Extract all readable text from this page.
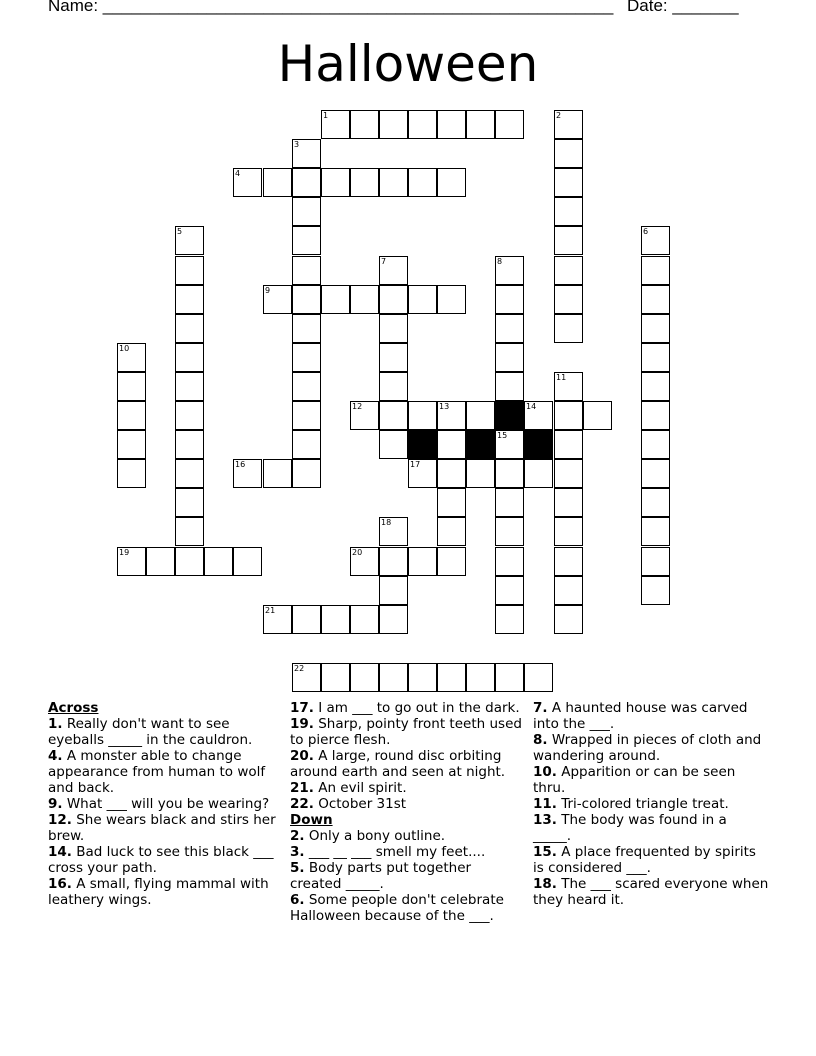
Name: ______________________________________________________ Date: _______
Halloween
1	2
3
4
5	6
7	8
15
9
10
11
12	13	14
16	17
18
19	20
21
22

Across

1. Really don't want to see eyeballs _____ in the cauldron.

4. A monster able to change appearance from human to wolf and back.

9. What ___ will you be wearing?

12. She wears black and stirs her brew.

14. Bad luck to see this black ___ cross your path.

16. A small, flying mammal with leathery wings.

17. I am ___ to go out in the dark.

19. Sharp, pointy front teeth used to pierce flesh.

20. A large, round disc orbiting around earth and seen at night.

21. An evil spirit.

22. October 31st

Down

2. Only a bony outline.

3. ___ __ ___ smell my feet....

5. Body parts put together created _____.

6. Some people don't celebrate Halloween because of the ___.

7. A haunted house was carved into the ___.

8. Wrapped in pieces of cloth and wandering around.

10. Apparition or can be seen thru.

11. Tri-colored triangle treat.

13. The body was found in a _____.

15. A place frequented by spirits is considered ___.

18. The ___ scared everyone when they heard it.
